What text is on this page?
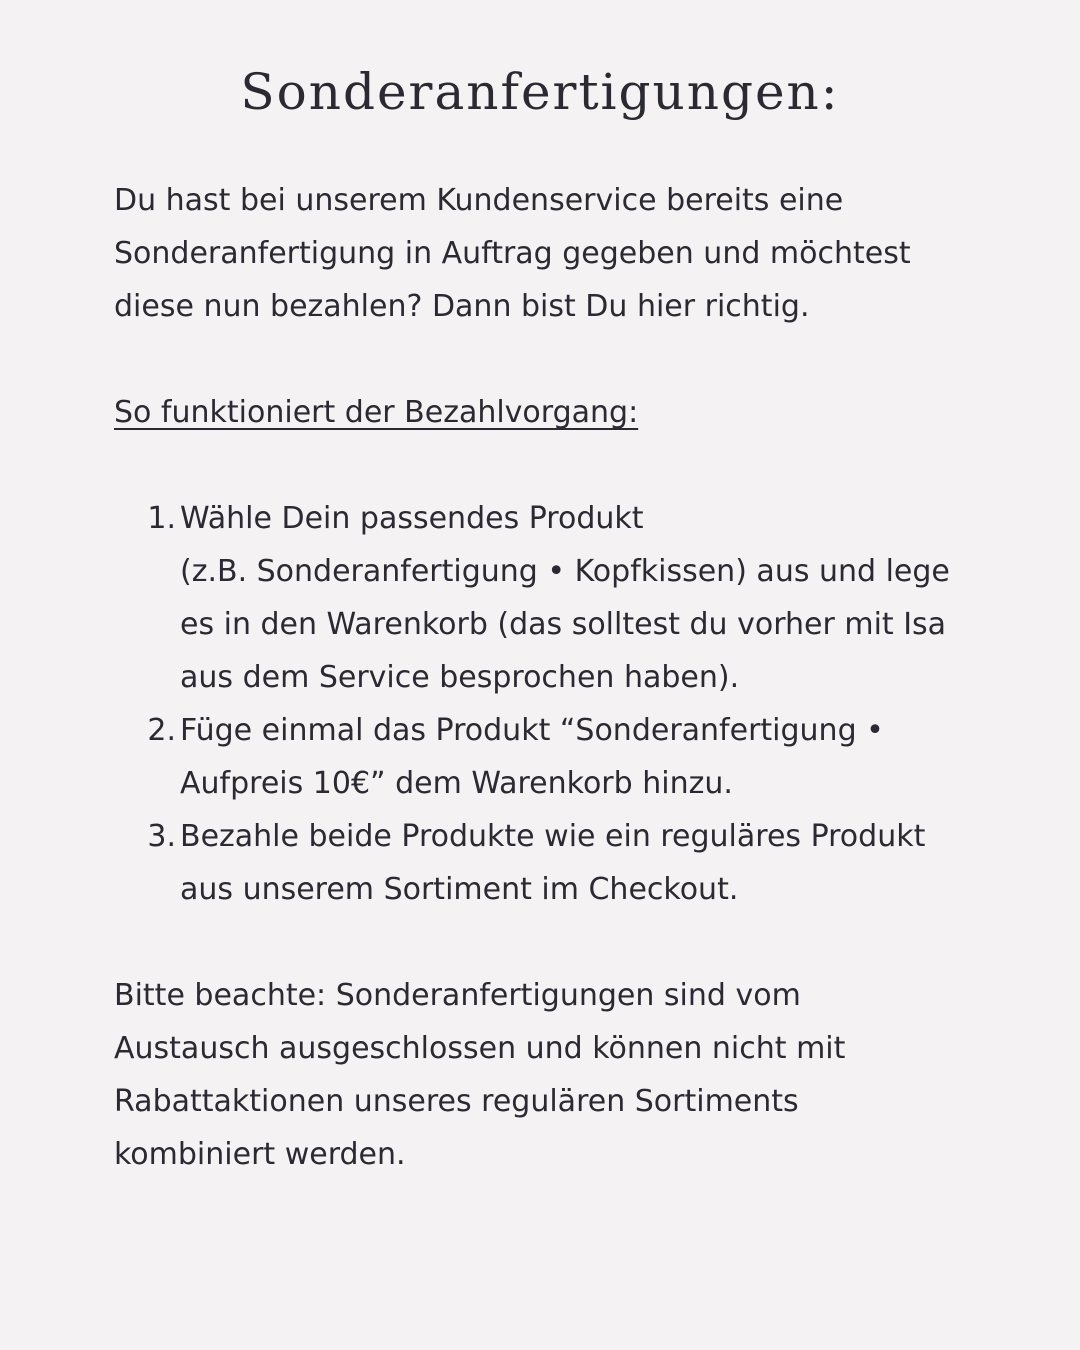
Sonderanfertigungen:

Du hast bei unserem Kundenservice bereits eine Sonderanfertigung in Auftrag gegeben und möchtest diese nun bezahlen? Dann bist Du hier richtig.

So funktioniert der Bezahlvorgang:

1. Wähle Dein passendes Produkt
(z.B. Sonderanfertigung • Kopfkissen) aus und lege es in den Warenkorb (das solltest du vorher mit Isa aus dem Service besprochen haben).
2. Füge einmal das Produkt “Sonderanfertigung • Aufpreis 10€” dem Warenkorb hinzu.
3. Bezahle beide Produkte wie ein reguläres Produkt aus unserem Sortiment im Checkout.

Bitte beachte: Sonderanfertigungen sind vom Austausch ausgeschlossen und können nicht mit Rabattaktionen unseres regulären Sortiments kombiniert werden.
